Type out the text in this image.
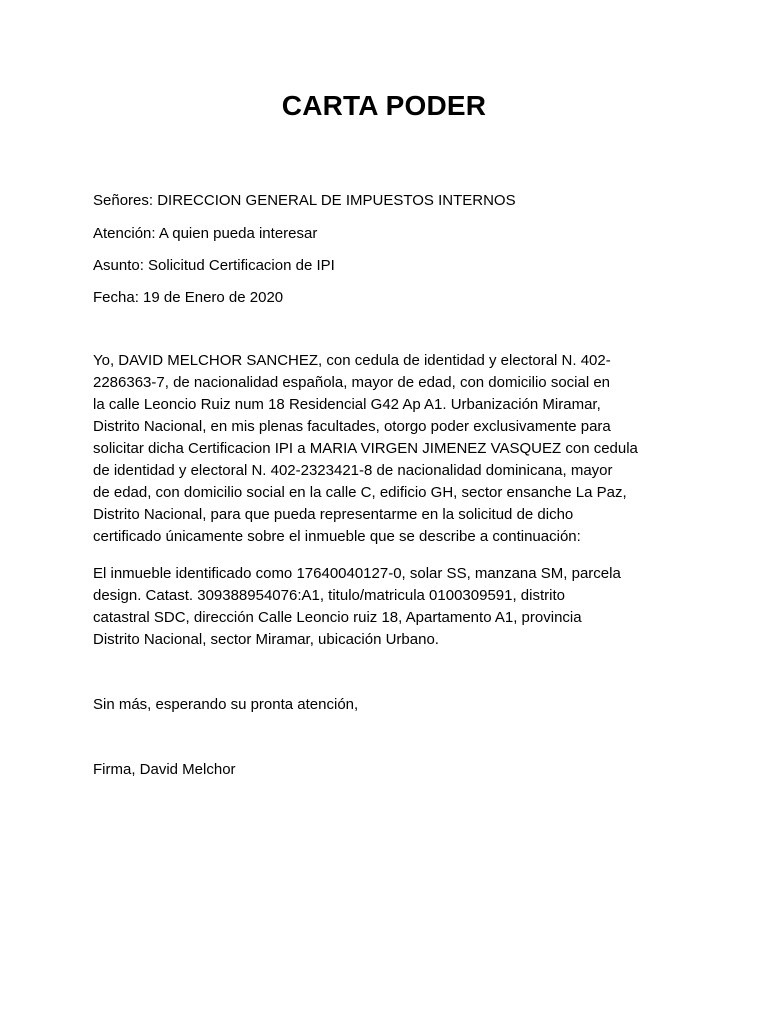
CARTA PODER
Señores: DIRECCION GENERAL DE IMPUESTOS INTERNOS
Atención: A quien pueda interesar
Asunto: Solicitud Certificacion de IPI
Fecha: 19 de Enero de 2020
Yo, DAVID MELCHOR SANCHEZ, con cedula de identidad y electoral N. 402-
2286363-7, de nacionalidad española, mayor de edad, con domicilio social en
la calle Leoncio Ruiz num 18 Residencial G42 Ap A1. Urbanización Miramar,
Distrito Nacional, en mis plenas facultades, otorgo poder exclusivamente para
solicitar dicha Certificacion IPI a MARIA VIRGEN JIMENEZ VASQUEZ con cedula
de identidad y electoral N. 402-2323421-8 de nacionalidad dominicana, mayor
de edad, con domicilio social en la calle C, edificio GH, sector ensanche La Paz,
Distrito Nacional, para que pueda representarme en la solicitud de dicho
certificado únicamente sobre el inmueble que se describe a continuación:
El inmueble identificado como 17640040127-0, solar SS, manzana SM, parcela
design. Catast. 309388954076:A1, titulo/matricula 0100309591, distrito
catastral SDC, dirección Calle Leoncio ruiz 18, Apartamento A1, provincia
Distrito Nacional, sector Miramar, ubicación Urbano.
Sin más, esperando su pronta atención,
Firma, David Melchor
